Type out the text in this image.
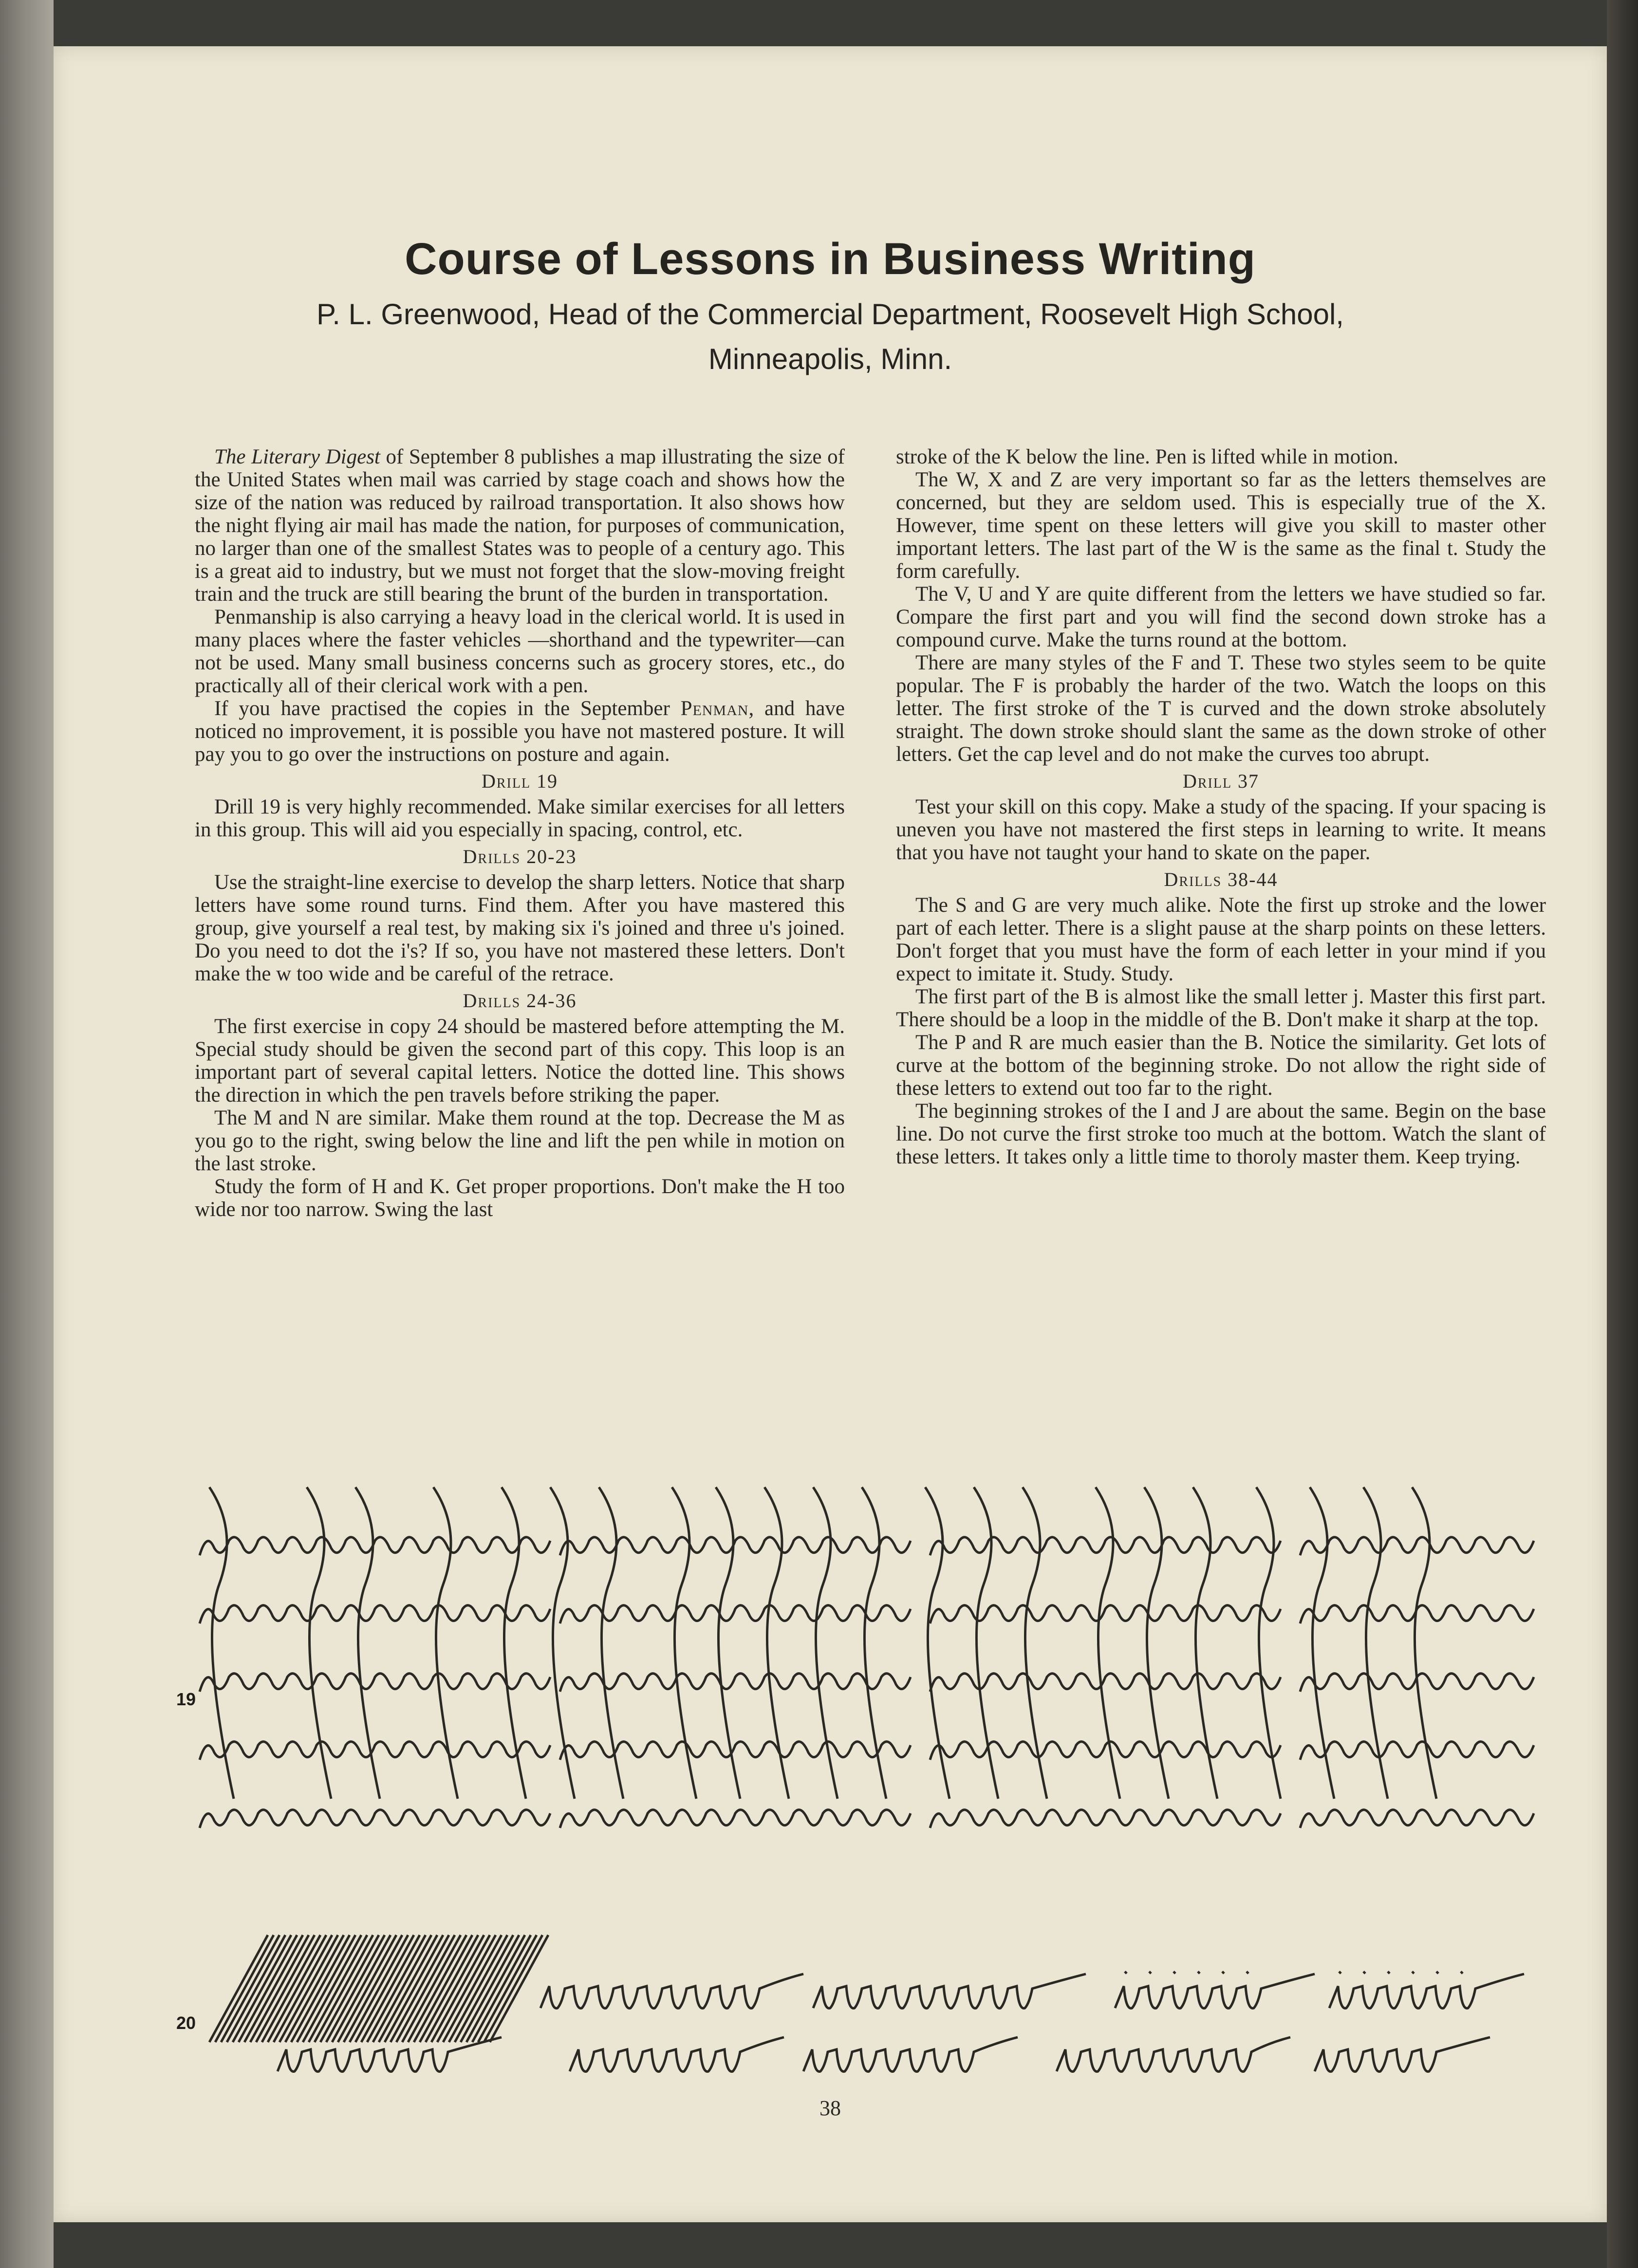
Course of Lessons in Business Writing
P. L. Greenwood, Head of the Commercial Department, Roosevelt High School,
Minneapolis, Minn.

The Literary Digest of September 8 publishes a map illustrating the size of the United States when mail was carried by stage coach and shows how the size of the nation was reduced by railroad transportation. It also shows how the night flying air mail has made the nation, for purposes of communication, no larger than one of the smallest States was to people of a century ago. This is a great aid to industry, but we must not forget that the slow-moving freight train and the truck are still bearing the brunt of the burden in transportation.

Penmanship is also carrying a heavy load in the clerical world. It is used in many places where the faster vehicles —shorthand and the typewriter—can not be used. Many small business concerns such as grocery stores, etc., do practically all of their clerical work with a pen.

If you have practised the copies in the September Penman, and have noticed no improvement, it is possible you have not mastered posture. It will pay you to go over the instructions on posture and again.

Drill 19

Drill 19 is very highly recommended. Make similar exercises for all letters in this group. This will aid you especially in spacing, control, etc.

Drills 20-23

Use the straight-line exercise to develop the sharp letters. Notice that sharp letters have some round turns. Find them. After you have mastered this group, give yourself a real test, by making six i's joined and three u's joined. Do you need to dot the i's? If so, you have not mastered these letters. Don't make the w too wide and be careful of the retrace.

Drills 24-36

The first exercise in copy 24 should be mastered before attempting the M. Special study should be given the second part of this copy. This loop is an important part of several capital letters. Notice the dotted line. This shows the direction in which the pen travels before striking the paper.

The M and N are similar. Make them round at the top. Decrease the M as you go to the right, swing below the line and lift the pen while in motion on the last stroke.

Study the form of H and K. Get proper proportions. Don't make the H too wide nor too narrow. Swing the last

stroke of the K below the line. Pen is lifted while in motion.

The W, X and Z are very important so far as the letters themselves are concerned, but they are seldom used. This is especially true of the X. However, time spent on these letters will give you skill to master other important letters. The last part of the W is the same as the final t. Study the form carefully.

The V, U and Y are quite different from the letters we have studied so far. Compare the first part and you will find the second down stroke has a compound curve. Make the turns round at the bottom.

There are many styles of the F and T. These two styles seem to be quite popular. The F is probably the harder of the two. Watch the loops on this letter. The first stroke of the T is curved and the down stroke absolutely straight. The down stroke should slant the same as the down stroke of other letters. Get the cap level and do not make the curves too abrupt.

Drill 37

Test your skill on this copy. Make a study of the spacing. If your spacing is uneven you have not mastered the first steps in learning to write. It means that you have not taught your hand to skate on the paper.

Drills 38-44

The S and G are very much alike. Note the first up stroke and the lower part of each letter. There is a slight pause at the sharp points on these letters. Don't forget that you must have the form of each letter in your mind if you expect to imitate it. Study. Study.

The first part of the B is almost like the small letter j. Master this first part. There should be a loop in the middle of the B. Don't make it sharp at the top.

The P and R are much easier than the B. Notice the similarity. Get lots of curve at the bottom of the beginning stroke. Do not allow the right side of these letters to extend out too far to the right.

The beginning strokes of the I and J are about the same. Begin on the base line. Do not curve the first stroke too much at the bottom. Watch the slant of these letters. It takes only a little time to thoroly master them. Keep trying.

19
20
38
